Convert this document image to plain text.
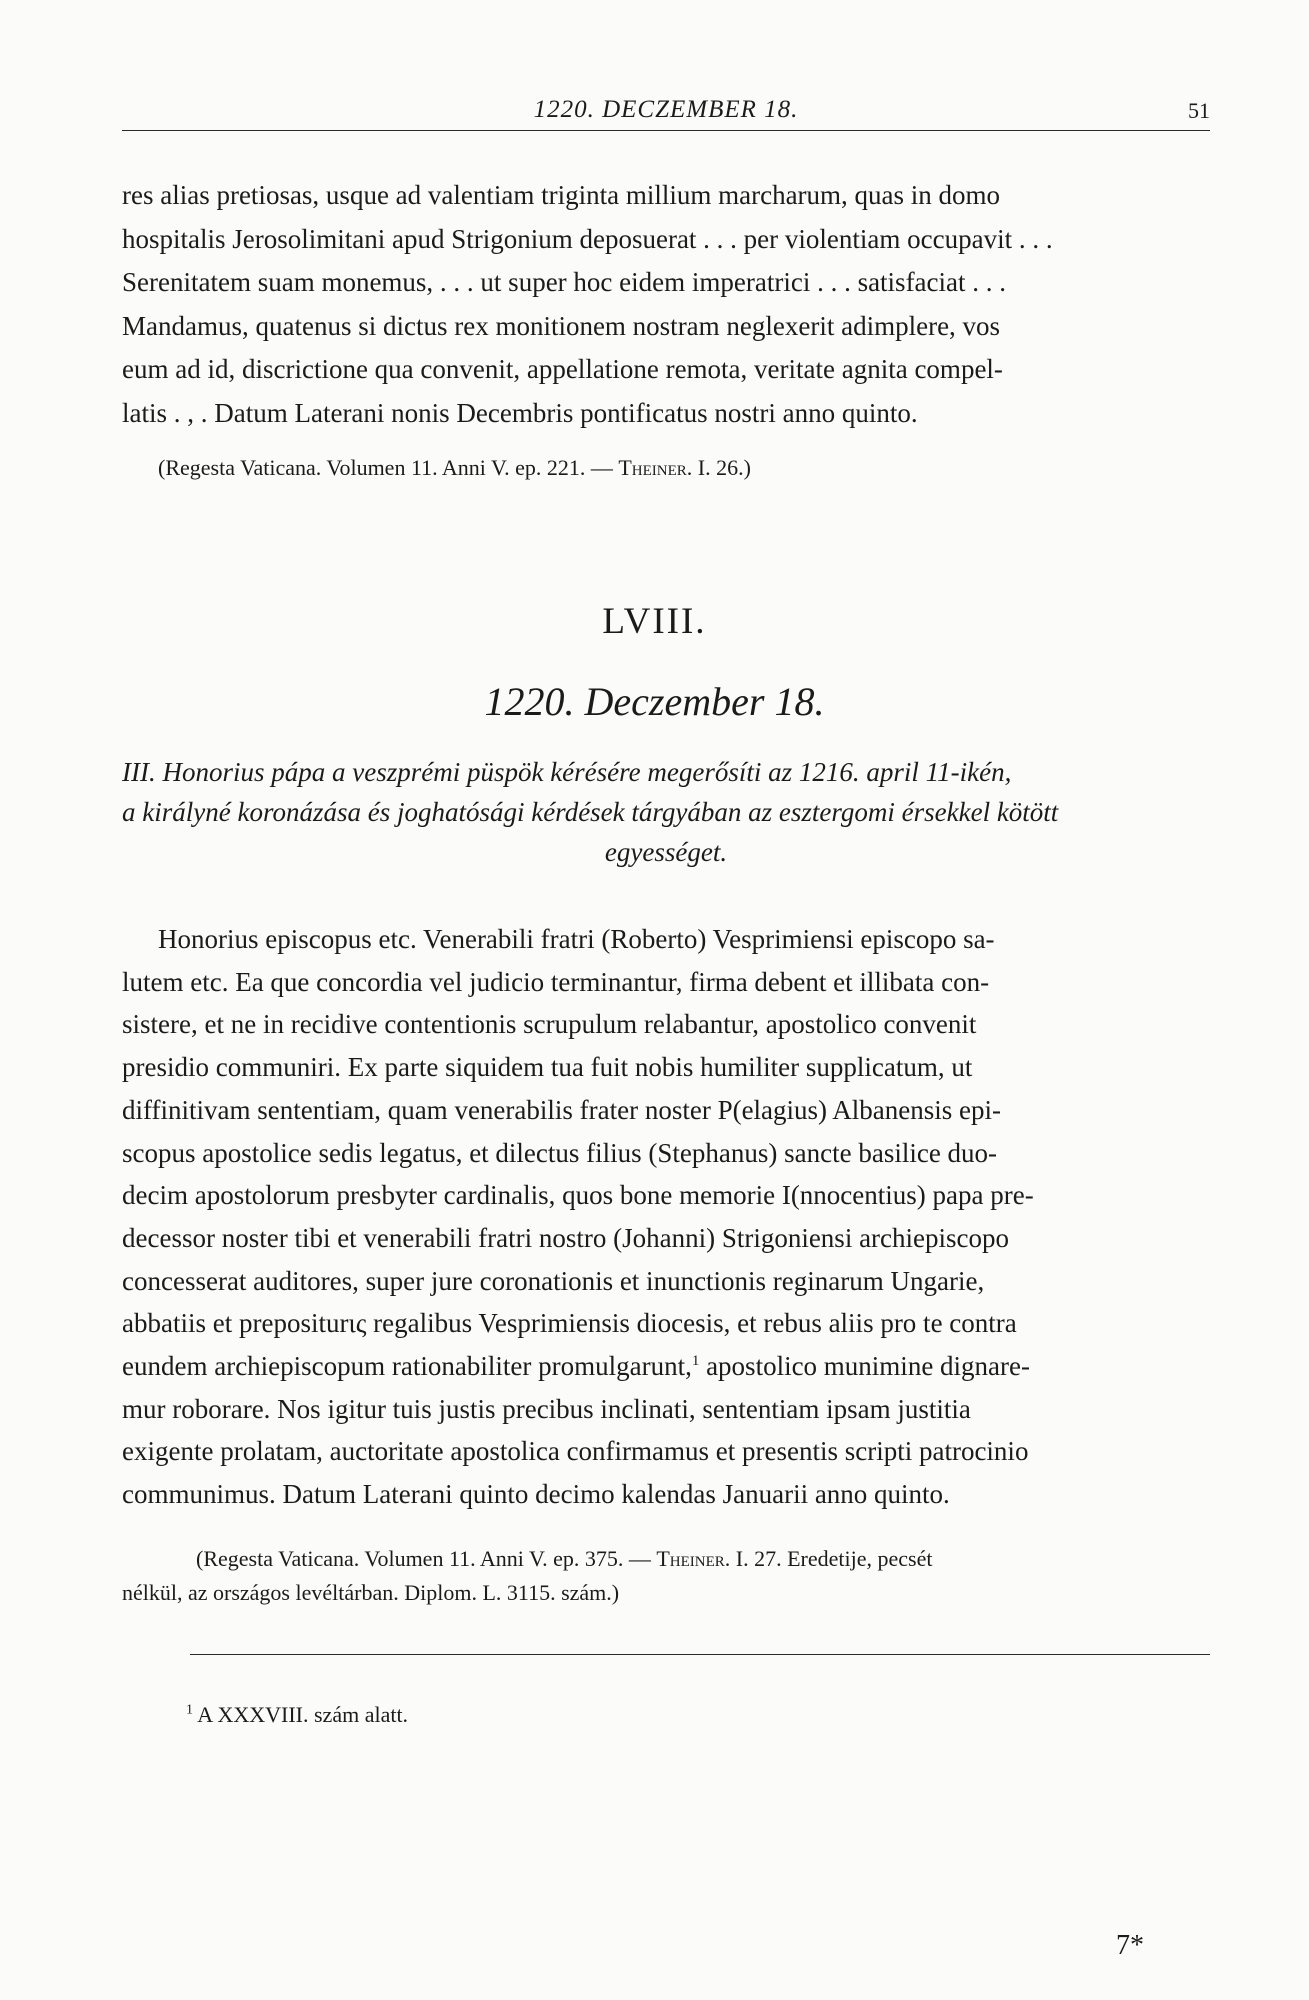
1220. DECZEMBER 18.	51
res alias pretiosas, usque ad valentiam triginta millium marcharum, quas in domo
hospitalis Jerosolimitani apud Strigonium deposuerat . . . per violentiam occupavit . . .
Serenitatem suam monemus, . . . ut super hoc eidem imperatrici . . . satisfaciat . . .
Mandamus, quatenus si dictus rex monitionem nostram neglexerit adimplere, vos
eum ad id, discrictione qua convenit, appellatione remota, veritate agnita compel-
latis . , . Datum Laterani nonis Decembris pontificatus nostri anno quinto.
(Regesta Vaticana. Volumen 11. Anni V. ep. 221. — Theiner. I. 26.)
LVIII.
1220. Deczember 18.
III. Honorius pápa a veszprémi püspök kérésére megerősíti az 1216. april 11-ikén,
a királyné koronázása és joghatósági kérdések tárgyában az esztergomi érsekkel kötött
egyességet.
Honorius episcopus etc. Venerabili fratri (Roberto) Vesprimiensi episcopo sa-
lutem etc. Ea que concordia vel judicio terminantur, firma debent et illibata con-
sistere, et ne in recidive contentionis scrupulum relabantur, apostolico convenit
presidio communiri. Ex parte siquidem tua fuit nobis humiliter supplicatum, ut
diffinitivam sententiam, quam venerabilis frater noster P(elagius) Albanensis epi-
scopus apostolice sedis legatus, et dilectus filius (Stephanus) sancte basilice duo-
decim apostolorum presbyter cardinalis, quos bone memorie I(nnocentius) papa pre-
decessor noster tibi et venerabili fratri nostro (Johanni) Strigoniensi archiepiscopo
concesserat auditores, super jure coronationis et inunctionis reginarum Ungarie,
abbatiis et prepositurις regalibus Vesprimiensis diocesis, et rebus aliis pro te contra
eundem archiepiscopum rationabiliter promulgarunt,$^1$ apostolico munimine dignare-
mur roborare. Nos igitur tuis justis precibus inclinati, sententiam ipsam justitia
exigente prolatam, auctoritate apostolica confirmamus et presentis scripti patrocinio
communimus. Datum Laterani quinto decimo kalendas Januarii anno quinto.
(Regesta Vaticana. Volumen 11. Anni V. ep. 375. — Theiner. I. 27. Eredetije, pecsét
nélkül, az országos levéltárban. Diplom. L. 3115. szám.)
$^1$ A XXXVIII. szám alatt.
7*
